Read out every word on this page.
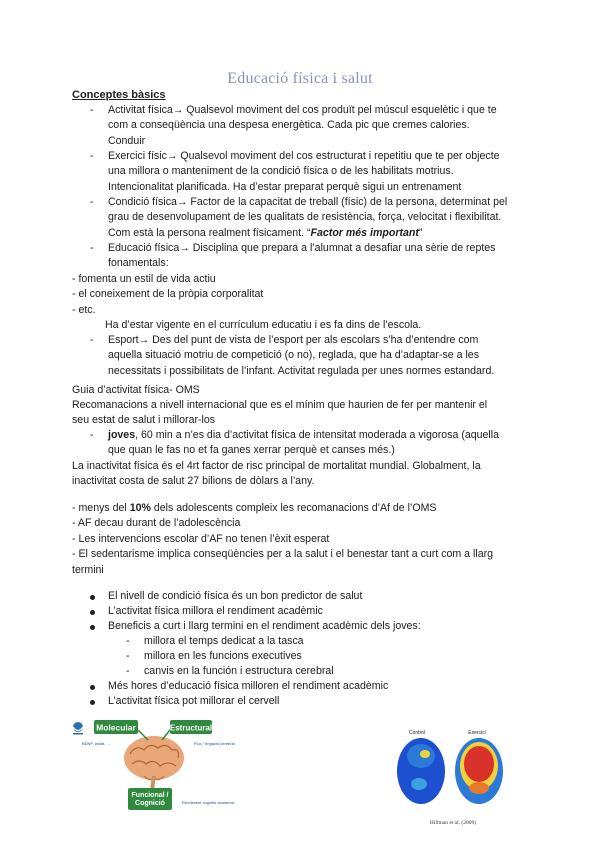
Educació física i salut
Conceptes bàsics
- Activitat física→ Qualsevol moviment del cos produït pel múscul esquelètic i que te
com a conseqüència una despesa energètica. Cada pic que cremes calories.
Conduir
- Exercici físic→ Qualsevol moviment del cos estructurat i repetitiu que te per objecte
una millora o manteniment de la condició física o de les habilitats motrius.
Intencionalitat planificada. Ha d’estar preparat perquè sigui un entrenament
- Condició física→ Factor de la capacitat de treball (físic) de la persona, determinat pel
grau de desenvolupament de les qualitats de resistència, força, velocitat i flexibilitat.
Com està la persona realment físicament. “Factor més important”
- Educació física→ Disciplina que prepara a l’alumnat a desafiar una sèrie de reptes
fonamentals:
- fomenta un estil de vida actiu
- el coneixement de la pròpia corporalitat
- etc.
Ha d’estar vigente en el currículum educatiu i es fa dins de l’escola.
- Esport→ Des del punt de vista de l’esport per als escolars s’ha d’entendre com
aquella situació motriu de competició (o no), reglada, que ha d’adaptar-se a les
necessitats i possibilitats de l’infant. Activitat regulada per unes normes estandard.
Guia d’activitat física- OMS
Recomanacions a nivell internacional que es el mínim que haurien de fer per mantenir el
seu estat de salut i millorar-los
- joves, 60 min a n’es dia d’activitat física de intensitat moderada a vigorosa (aquella
que quan le fas no et fa ganes xerrar perquè et canses més.)
La inactivitat física és el 4rt factor de risc principal de mortalitat mundial. Globalment, la
inactivitat costa de salut 27 bilions de dòlars a l’any.
- menys del 10% dels adolescents compleix les recomanacions d’Af de l’OMS
- AF decau durant de l’adolescència
- Les intervencions escolar d’AF no tenen l’èxit esperat
- El sedentarisme implica conseqüències per a la salut i el benestar tant a curt com a llarg
termini
El nivell de condició física és un bon predictor de salut
L’activitat física millora el rendiment acadèmic
Beneficis a curt i llarg termini en el rendiment acadèmic dels joves:
- millora el temps dedicat a la tasca
- millora en les funcions executives
- canvis en la función i estructura cerebral
Més hores d’educació física milloren el rendiment acadèmic
L’activitat física pot millorar el cervell
Molecular	Estructural
BDNF, lactat, …	Flux / Irrigació cerebral
Funcional / Cognició	Rendiment cognitiu acadèmic
Control	Exercici
Hillman et al. (2009)
